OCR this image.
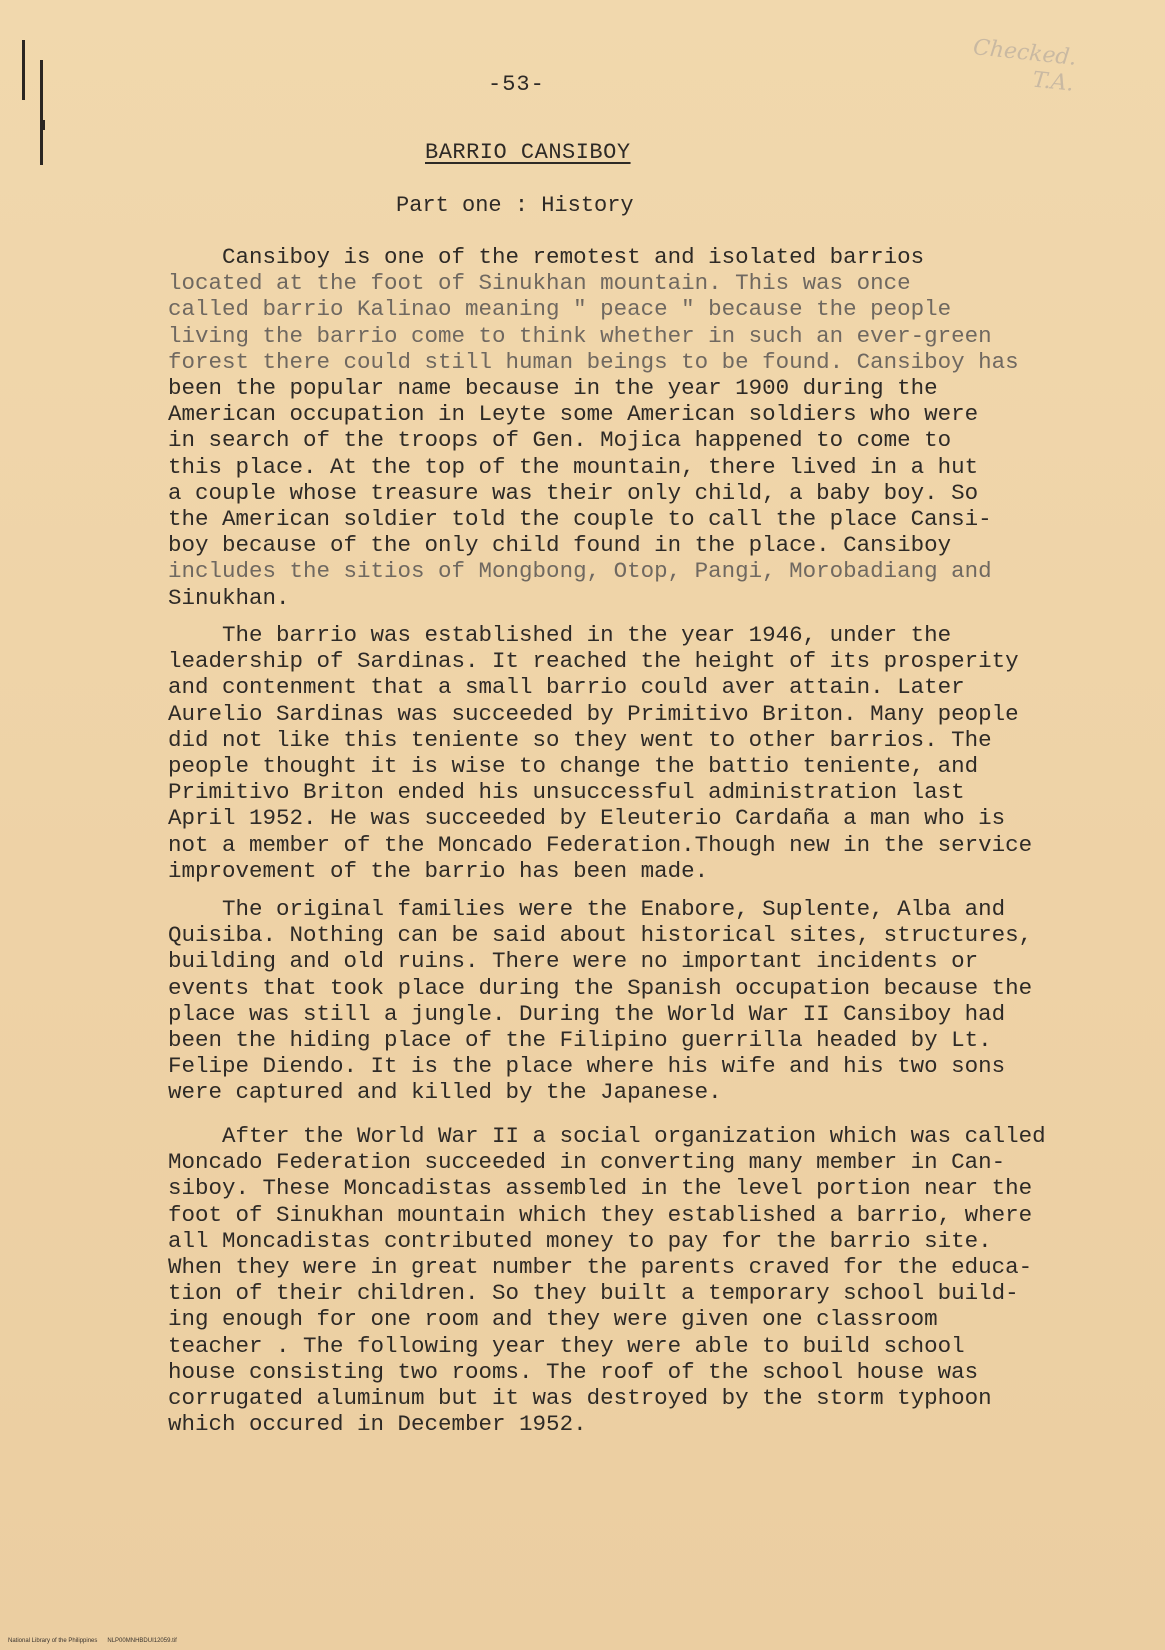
Checked. T.A.
-53-
BARRIO CANSIBOY
Part one : History
Cansiboy is one of the remotest and isolated barrios
located at the foot of Sinukhan mountain. This was once
called barrio Kalinao meaning " peace " because the people
living the barrio come to think whether in such an ever-green
forest there could still human beings to be found. Cansiboy has
been the popular name because in the year 1900 during the
American occupation in Leyte some American soldiers who were
in search of the troops of Gen. Mojica happened to come to
this place. At the top of the mountain, there lived in a hut
a couple whose treasure was their only child, a baby boy. So
the American soldier told the couple to call the place Cansi-
boy because of the only child found in the place. Cansiboy
includes the sitios of Mongbong, Otop, Pangi, Morobadiang and
Sinukhan.
The barrio was established in the year 1946, under the
leadership of Sardinas. It reached the height of its prosperity
and contenment that a small barrio could aver attain. Later
Aurelio Sardinas was succeeded by Primitivo Briton. Many people
did not like this teniente so they went to other barrios. The
people thought it is wise to change the battio teniente, and
Primitivo Briton ended his unsuccessful administration last
April 1952. He was succeeded by Eleuterio Cardaña a man who is
not a member of the Moncado Federation.Though new in the service
improvement of the barrio has been made.
The original families were the Enabore, Suplente, Alba and
Quisiba. Nothing can be said about historical sites, structures,
building and old ruins. There were no important incidents or
events that took place during the Spanish occupation because the
place was still a jungle. During the World War II Cansiboy had
been the hiding place of the Filipino guerrilla headed by Lt.
Felipe Diendo. It is the place where his wife and his two sons
were captured and killed by the Japanese.
After the World War II a social organization which was called
Moncado Federation succeeded in converting many member in Can-
siboy. These Moncadistas assembled in the level portion near the
foot of Sinukhan mountain which they established a barrio, where
all Moncadistas contributed money to pay for the barrio site.
When they were in great number the parents craved for the educa-
tion of their children. So they built a temporary school build-
ing enough for one room and they were given one classroom
teacher . The following year they were able to build school
house consisting two rooms. The roof of the school house was
corrugated aluminum but it was destroyed by the storm typhoon
which occured in December 1952.
National Library of the Philippines      NLP00MNHBDUI12059.tif
